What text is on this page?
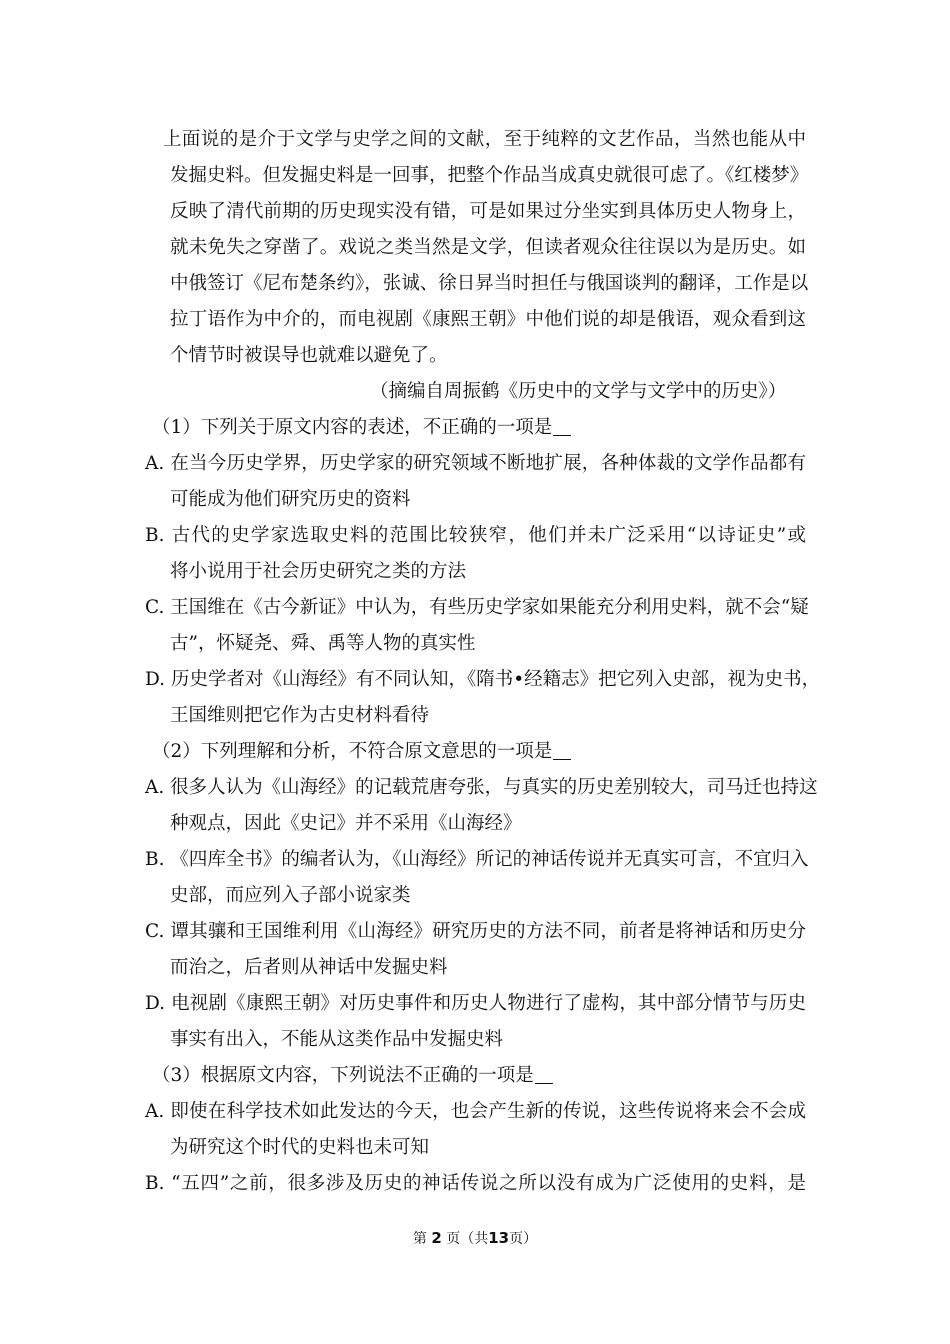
上面说的是介于文学与史学之间的文献，至于纯粹的文艺作品，当然也能从中
发掘史料。但发掘史料是一回事，把整个作品当成真史就很可虑了。《红楼梦》
反映了清代前期的历史现实没有错，可是如果过分坐实到具体历史人物身上，
就未免失之穿凿了。戏说之类当然是文学，但读者观众往往误以为是历史。如
中俄签订《尼布楚条约》，张诚、徐日昇当时担任与俄国谈判的翻译，工作是以
拉丁语作为中介的，而电视剧《康熙王朝》中他们说的却是俄语，观众看到这
个情节时被误导也就难以避免了。
（摘编自周振鹤《历史中的文学与文学中的历史》）
（1）下列关于原文内容的表述，不正确的一项是
A. 在当今历史学界，历史学家的研究领域不断地扩展，各种体裁的文学作品都有
可能成为他们研究历史的资料
B. 古代的史学家选取史料的范围比较狭窄，他们并未广泛采用“以诗证史”或
将小说用于社会历史研究之类的方法
C. 王国维在《古今新证》中认为，有些历史学家如果能充分利用史料，就不会“疑
古”，怀疑尧、舜、禹等人物的真实性
D. 历史学者对《山海经》有不同认知，《隋书•经籍志》把它列入史部，视为史书，
王国维则把它作为古史材料看待
（2）下列理解和分析，不符合原文意思的一项是
A. 很多人认为《山海经》的记载荒唐夸张，与真实的历史差别较大，司马迁也持这
种观点，因此《史记》并不采用《山海经》
B. 《四库全书》的编者认为，《山海经》所记的神话传说并无真实可言，不宜归入
史部，而应列入子部小说家类
C. 谭其骧和王国维利用《山海经》研究历史的方法不同，前者是将神话和历史分
而治之，后者则从神话中发掘史料
D. 电视剧《康熙王朝》对历史事件和历史人物进行了虚构，其中部分情节与历史
事实有出入，不能从这类作品中发掘史料
（3）根据原文内容，下列说法不正确的一项是
A. 即使在科学技术如此发达的今天，也会产生新的传说，这些传说将来会不会成
为研究这个时代的史料也未可知
B. “五四”之前，很多涉及历史的神话传说之所以没有成为广泛使用的史料，是
第 2 页（共13页）
